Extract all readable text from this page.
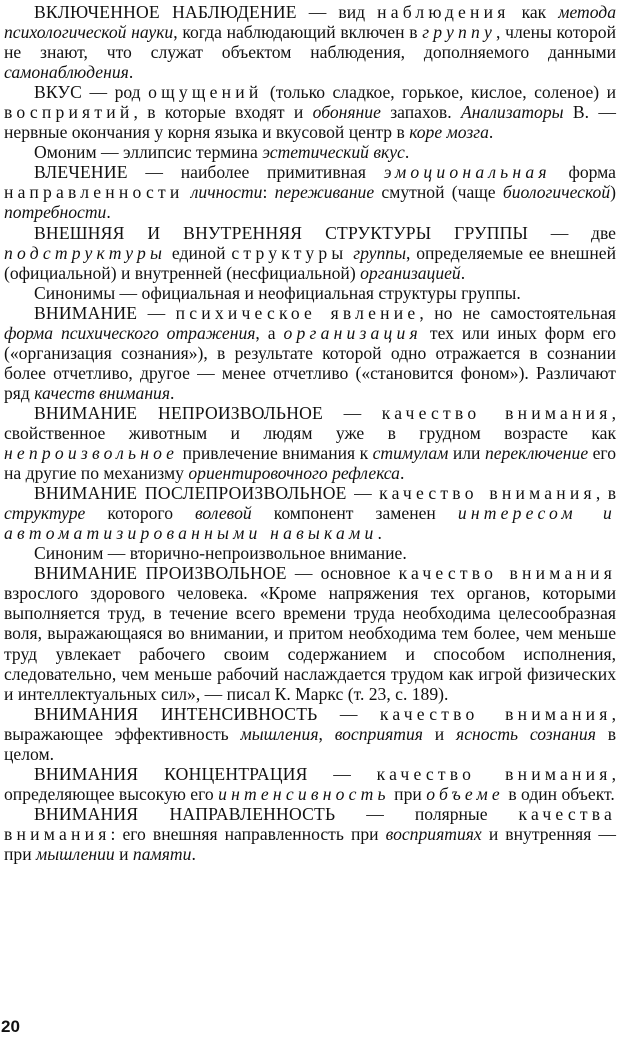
ВКЛЮЧЕННОЕ НАБЛЮДЕНИЕ — вид наблюдения как метода психологической науки, когда наблюдающий включен в группу, члены которой не знают, что служат объектом наблюдения, дополняемого данными самонаблюдения.

ВКУС — род ощущений (только сладкое, горькое, кислое, соленое) и восприятий, в которые входят и обоняние запахов. Анализаторы В. — нервные окончания у корня языка и вкусовой центр в коре мозга.

Омоним — эллипсис термина эстетический вкус.

ВЛЕЧЕНИЕ — наиболее примитивная эмоциональная форма направленности личности: переживание смутной (чаще биологической) потребности.

ВНЕШНЯЯ И ВНУТРЕННЯЯ СТРУКТУРЫ ГРУППЫ — две подструктуры единой структуры группы, определяемые ее внешней (официальной) и внутренней (несфициальной) организацией.

Синонимы — официальная и неофициальная структуры группы.

ВНИМАНИЕ — психическое явление, но не самостоятельная форма психического отражения, а организация тех или иных форм его («организация сознания»), в результате которой одно отражается в сознании более отчетливо, другое — менее отчетливо («становится фоном»). Различают ряд качеств внимания.

ВНИМАНИЕ НЕПРОИЗВОЛЬНОЕ — качество внимания, свойственное животным и людям уже в грудном возрасте как непроизвольное привлечение внимания к стимулам или переключение его на другие по механизму ориентировочного рефлекса.

ВНИМАНИЕ ПОСЛЕПРОИЗВОЛЬНОЕ — качество внимания, в структуре которого волевой компонент заменен интересом и автоматизированными навыками.

Синоним — вторично-непроизвольное внимание.

ВНИМАНИЕ ПРОИЗВОЛЬНОЕ — основное качество внимания взрослого здорового человека. «Кроме напряжения тех органов, которыми выполняется труд, в течение всего времени труда необходима целесообразная воля, выражающаяся во внимании, и притом необходима тем более, чем меньше труд увлекает рабочего своим содержанием и способом исполнения, следовательно, чем меньше рабочий наслаждается трудом как игрой физических и интеллектуальных сил», — писал К. Маркс (т. 23, с. 189).

ВНИМАНИЯ ИНТЕНСИВНОСТЬ — качество внимания, выражающее эффективность мышления, восприятия и ясность сознания в целом.

ВНИМАНИЯ КОНЦЕНТРАЦИЯ — качество внимания, определяющее высокую его интенсивность при объеме в один объект.

ВНИМАНИЯ НАПРАВЛЕННОСТЬ — полярные качества внимания: его внешняя направленность при восприятиях и внутренняя — при мышлении и памяти.

20
